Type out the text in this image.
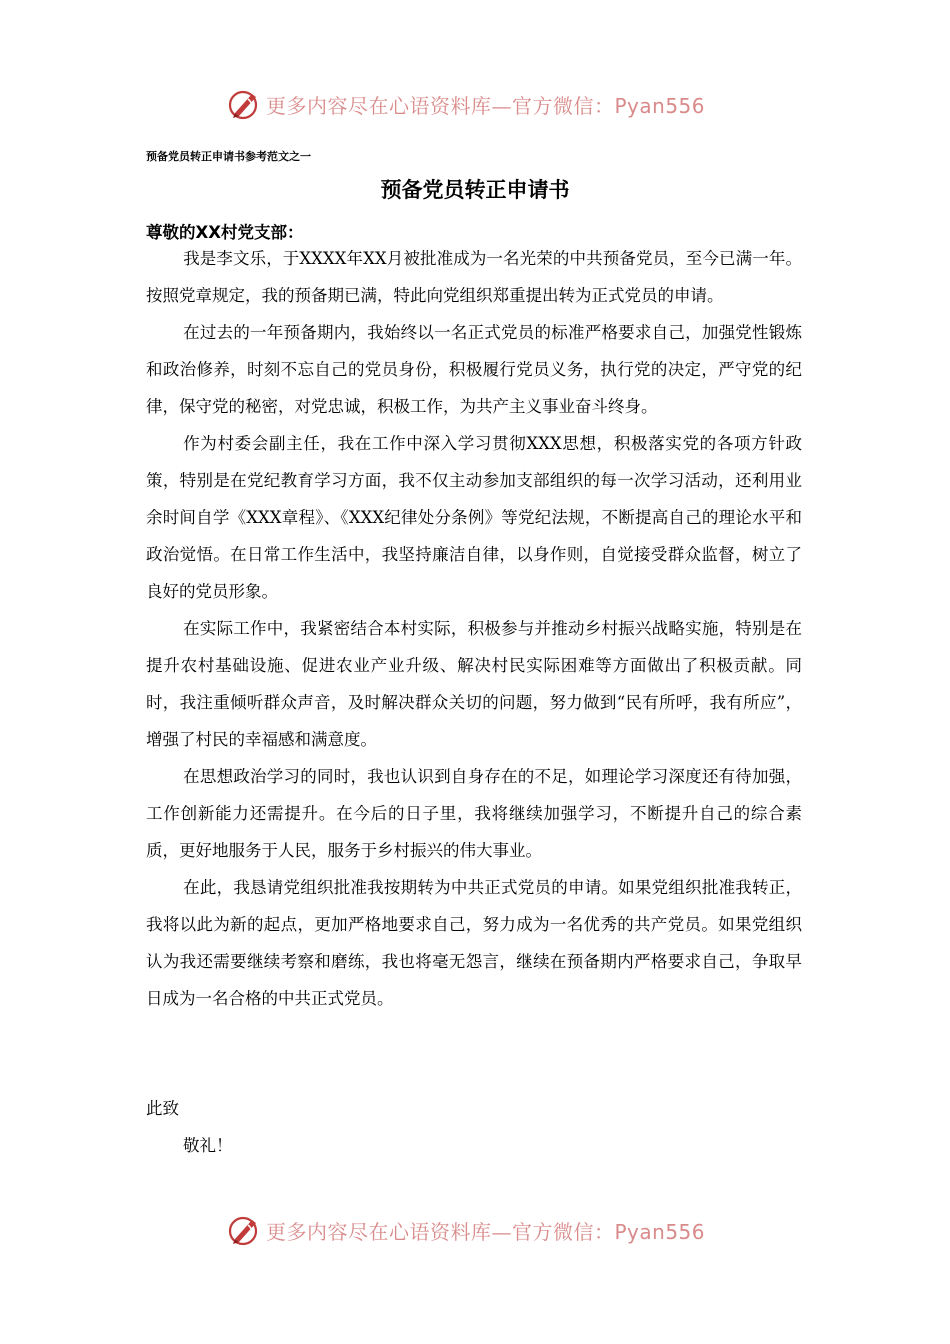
更多内容尽在心语资料库—官方微信：Pyan556
预备党员转正申请书参考范文之一
预备党员转正申请书
尊敬的XX村党支部：

我是李文乐，于XXXX年XX月被批准成为一名光荣的中共预备党员，至今已满一年。按照党章规定，我的预备期已满，特此向党组织郑重提出转为正式党员的申请。

在过去的一年预备期内，我始终以一名正式党员的标准严格要求自己，加强党性锻炼和政治修养，时刻不忘自己的党员身份，积极履行党员义务，执行党的决定，严守党的纪律，保守党的秘密，对党忠诚，积极工作，为共产主义事业奋斗终身。

作为村委会副主任，我在工作中深入学习贯彻XXX思想，积极落实党的各项方针政策，特别是在党纪教育学习方面，我不仅主动参加支部组织的每一次学习活动，还利用业余时间自学《XXX章程》、《XXX纪律处分条例》等党纪法规，不断提高自己的理论水平和政治觉悟。在日常工作生活中，我坚持廉洁自律，以身作则，自觉接受群众监督，树立了良好的党员形象。

在实际工作中，我紧密结合本村实际，积极参与并推动乡村振兴战略实施，特别是在提升农村基础设施、促进农业产业升级、解决村民实际困难等方面做出了积极贡献。同时，我注重倾听群众声音，及时解决群众关切的问题，努力做到“民有所呼，我有所应”，增强了村民的幸福感和满意度。

在思想政治学习的同时，我也认识到自身存在的不足，如理论学习深度还有待加强，工作创新能力还需提升。在今后的日子里，我将继续加强学习，不断提升自己的综合素质，更好地服务于人民，服务于乡村振兴的伟大事业。

在此，我恳请党组织批准我按期转为中共正式党员的申请。如果党组织批准我转正，我将以此为新的起点，更加严格地要求自己，努力成为一名优秀的共产党员。如果党组织认为我还需要继续考察和磨练，我也将毫无怨言，继续在预备期内严格要求自己，争取早日成为一名合格的中共正式党员。

此致
敬礼！
更多内容尽在心语资料库—官方微信：Pyan556
